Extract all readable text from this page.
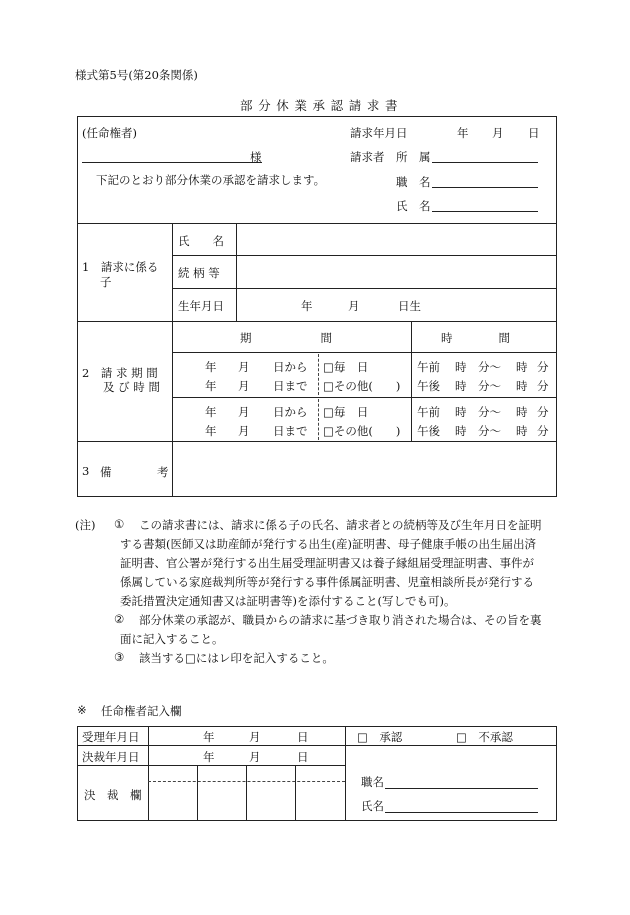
様式第5号(第20条関係)
部分休業承認請求書
(任命権者)
様
下記のとおり部分休業の承認を請求します。
請求年月日	年 月 日
請求者 所　属
職　名
氏　名
1　請求に係る
子
氏　　名
続 柄 等
生年月日	年	月	日生
2　請 求 期 間
及 び 時 間
期　　　　　　間	時　　　　間
年 月 日から □毎　日	午前 時 分〜 時 分
年 月 日まで □その他(　　) 午後 時 分〜 時 分
年 月 日から □毎　日	午前 時 分〜 時 分
年 月 日まで □その他(　　) 午後 時 分〜 時 分
3 備	考
(注) ① この請求書には、請求に係る子の氏名、請求者との続柄等及び生年月日を証明
する書類(医師又は助産師が発行する出生(産)証明書、母子健康手帳の出生届出済
証明書、官公署が発行する出生届受理証明書又は養子縁組届受理証明書、事件が
係属している家庭裁判所等が発行する事件係属証明書、児童相談所長が発行する
委託措置決定通知書又は証明書等)を添付すること(写しでも可)。
② 部分休業の承認が、職員からの請求に基づき取り消された場合は、その旨を裏
面に記入すること。
③ 該当する□にはレ印を記入すること。
※ 任命権者記入欄
受理年月日	年	月	日
決裁年月日	年	月	日
決　裁　欄
□　承認	□　不承認
職名
氏名
